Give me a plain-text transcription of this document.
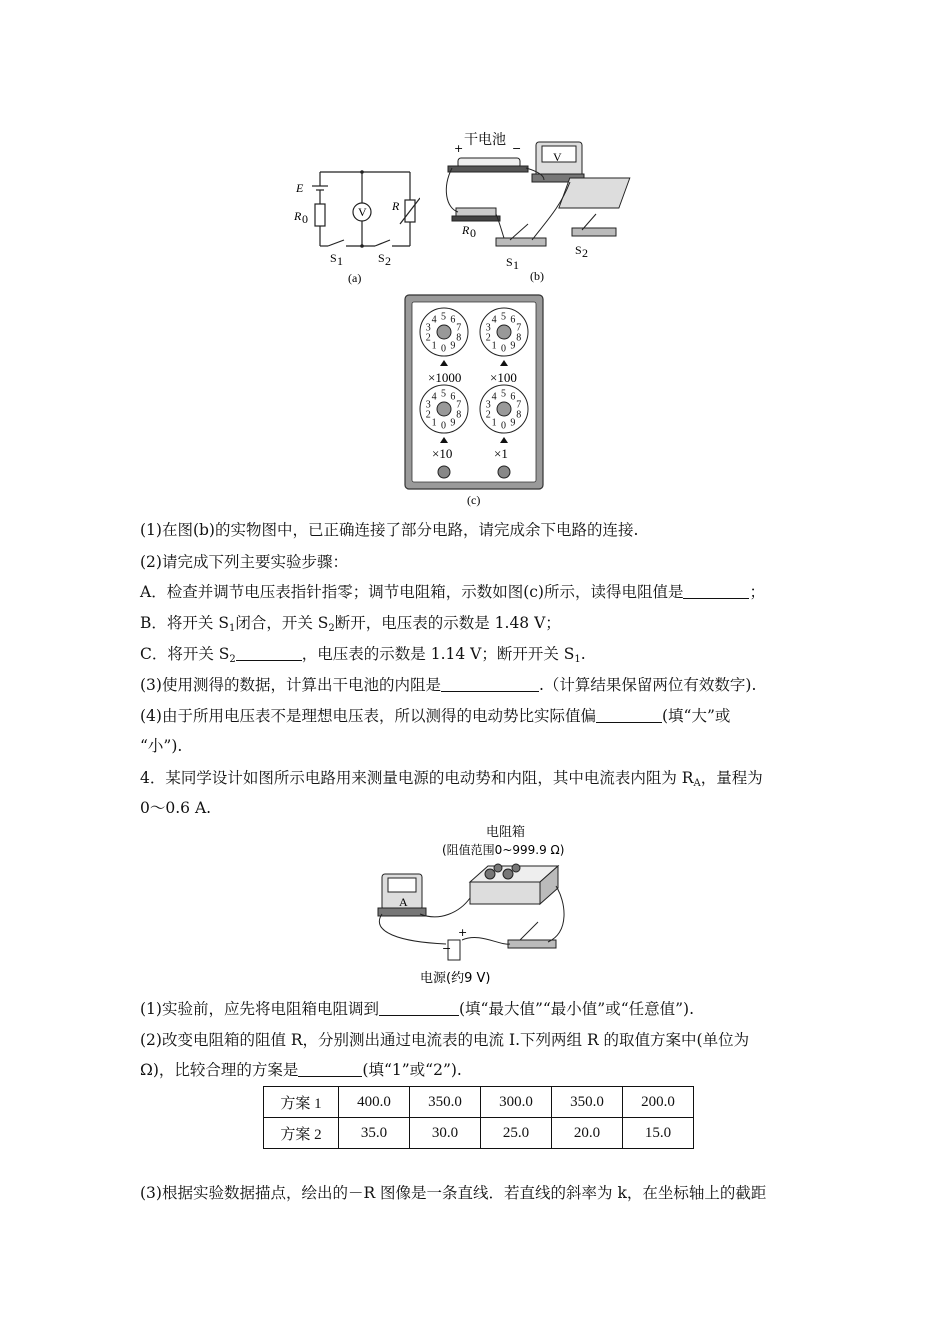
E
R 0	V R
S 1	S 2
(a)
干电池
+	−
V
R 0
S 1
(b)
S 2
0
1
2
3
4 5 6
7
8
9	0
1
2
3
4 5 6
7
8
9
0
1
2
3
4 5 6
7
8
9	0
1
2
3
4 5 6
7
8
9
×1000 ×100
×10	×1
(c)
(1)在图(b)的实物图中，已正确连接了部分电路，请完成余下电路的连接.
(2)请完成下列主要实验步骤：
A．检查并调节电压表指针指零；调节电阻箱，示数如图(c)所示，读得电阻值是	；
B．将开关 $S_1$闭合，开关 $S_2$断开，电压表的示数是 1.48 V；
C．将开关 $S_2$	，电压表的示数是 1.14 V；断开开关 $S_1$.
(3)使用测得的数据，计算出干电池的内阻是	.（计算结果保留两位有效数字).
(4)由于所用电压表不是理想电压表，所以测得的电动势比实际值偏	(填“大”或
“小”).
4．某同学设计如图所示电路用来测量电源的电动势和内阻，其中电流表内阻为 $R_A$，量程为
0～0.6 A.
电阻箱
(阻值范围0~999.9 Ω)
A
−
+
电源(约9 V)
(1)实验前，应先将电阻箱电阻调到	(填“最大值”“最小值”或“任意值”).
(2)改变电阻箱的阻值 R，分别测出通过电流表的电流 I.下列两组 R 的取值方案中(单位为
Ω)，比较合理的方案是	(填“1”或“2”).
方案 1	400.0	350.0	300.0	350.0	200.0
方案 2	35.0	30.0	25.0	20.0	15.0
(3)根据实验数据描点，绘出的－R 图像是一条直线．若直线的斜率为 k，在坐标轴上的截距
